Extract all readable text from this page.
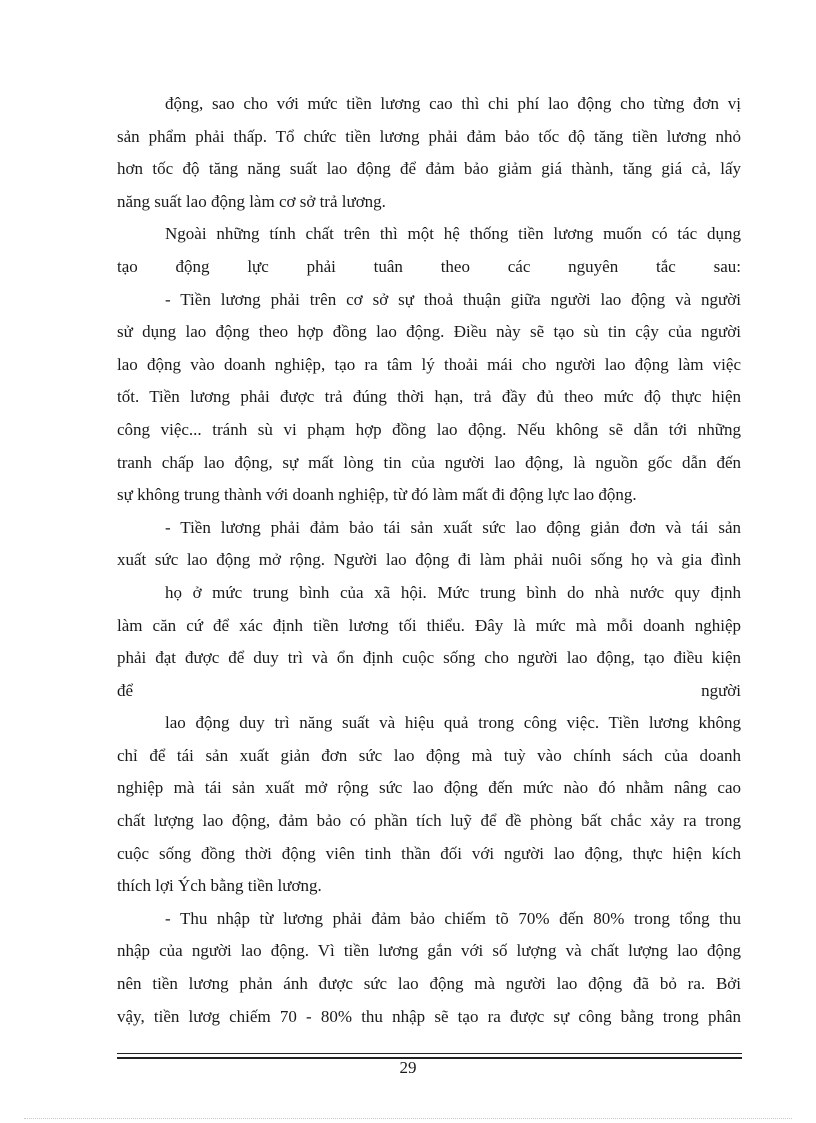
động, sao cho với mức tiền lương cao thì chi phí lao động cho từng đơn vị
sản phẩm phải thấp. Tổ chức tiền lương phải đảm bảo tốc độ tăng tiền lương nhỏ
hơn tốc độ tăng năng suất lao động để đảm bảo giảm giá thành, tăng giá cả, lấy
năng suất lao động làm cơ sở trả lương.
Ngoài những tính chất trên thì một hệ thống tiền lương muốn có tác dụng
tạo động lực phải tuân theo các nguyên tắc sau:
- Tiền lương phải trên cơ sở sự thoả thuận giữa người lao động và người
sử dụng lao động theo hợp đồng lao động. Điều này sẽ tạo sù tin cậy của người
lao động vào doanh nghiệp, tạo ra tâm lý thoải mái cho người lao động làm việc
tốt. Tiền lương phải được trả đúng thời hạn, trả đầy đủ theo mức độ thực hiện
công việc... tránh sù vi phạm hợp đồng lao động. Nếu không sẽ dẫn tới những
tranh chấp lao động, sự mất lòng tin của người lao động, là nguồn gốc dẫn đến
sự không trung thành với doanh nghiệp, từ đó làm mất đi động lực lao động.
- Tiền lương phải đảm bảo tái sản xuất sức lao động giản đơn và tái sản
xuất sức lao động mở rộng. Người lao động đi làm phải nuôi sống họ và gia đình
họ ở mức trung bình của xã hội. Mức trung bình do nhà nước quy định
làm căn cứ để xác định tiền lương tối thiểu. Đây là mức mà mỗi doanh nghiệp
phải đạt được để duy trì và ổn định cuộc sống cho người lao động, tạo điều kiện
để	người
lao động duy trì năng suất và hiệu quả trong công việc. Tiền lương không
chỉ để tái sản xuất giản đơn sức lao động mà tuỳ vào chính sách của doanh
nghiệp mà tái sản xuất mở rộng sức lao động đến mức nào đó nhằm nâng cao
chất lượng lao động, đảm bảo có phần tích luỹ để đề phòng bất chắc xảy ra trong
cuộc sống đồng thời động viên tinh thần đối với người lao động, thực hiện kích
thích lợi Ých bằng tiền lương.
- Thu nhập từ lương phải đảm bảo chiếm tõ 70% đến 80% trong tổng thu
nhập của người lao động. Vì tiền lương gắn với số lượng và chất lượng lao động
nên tiền lương phản ánh được sức lao động mà người lao động đã bỏ ra. Bởi
vậy, tiền lươg chiếm 70 - 80% thu nhập sẽ tạo ra được sự công bằng trong phân
29
